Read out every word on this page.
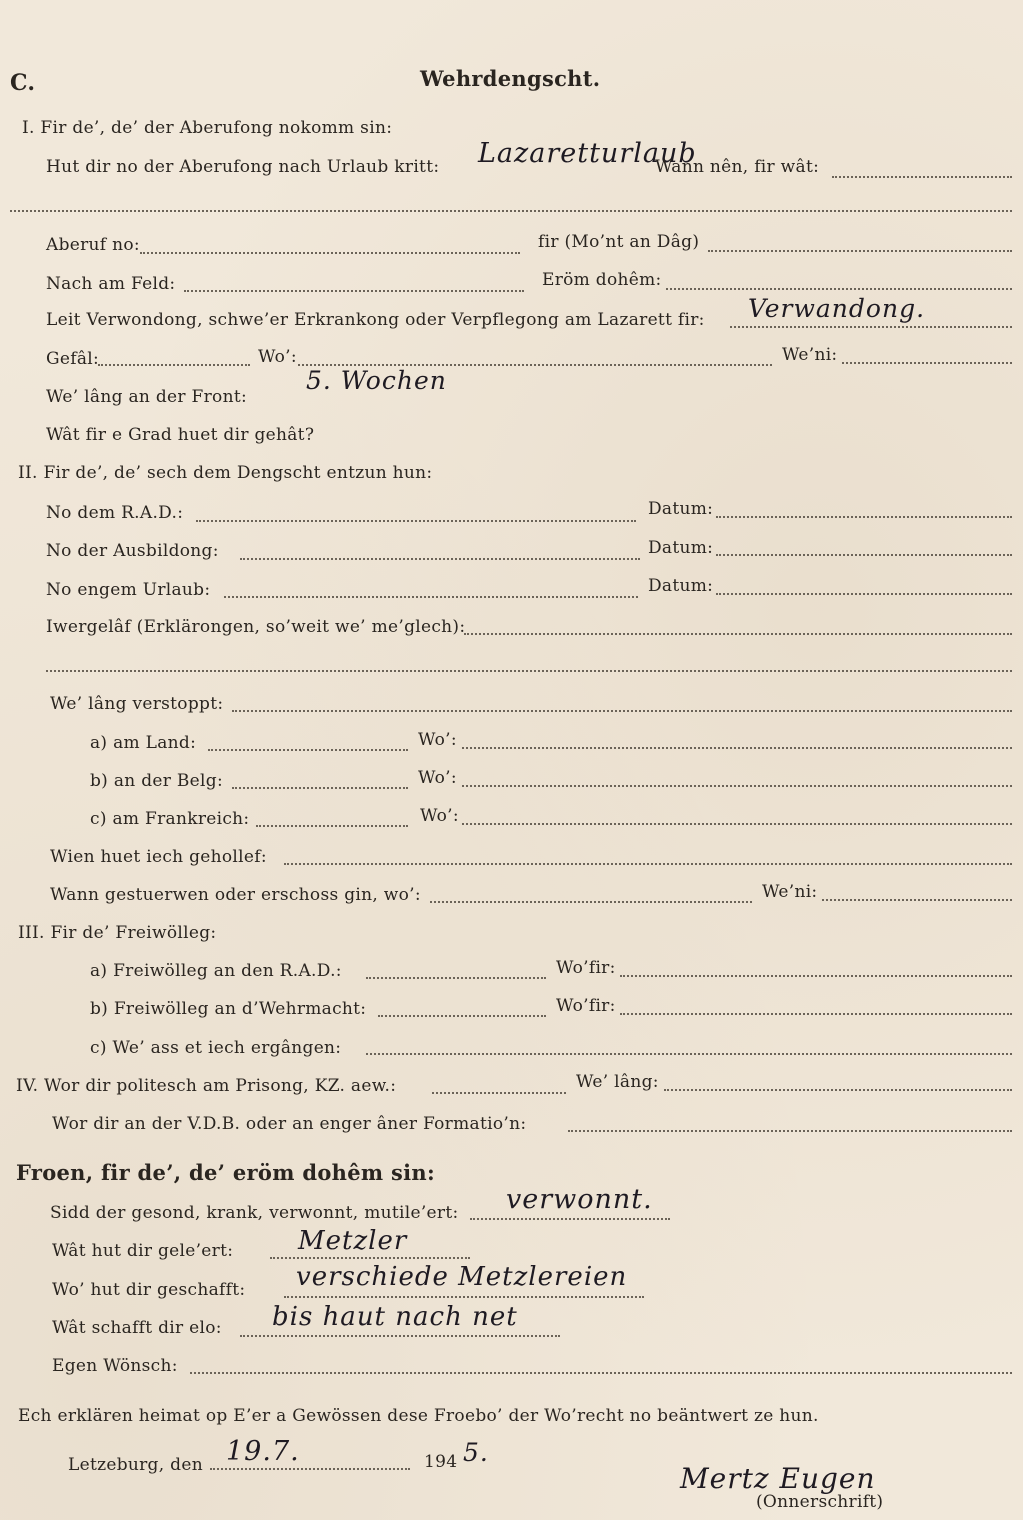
C.	Wehrdengscht.
I. Fir de’, de’ der Aberufong nokomm sin:
Hut dir no der Aberufong nach Urlaub kritt: Lazaretturlaub
Wann nên, fir wât:
Aberuf no:	fir (Mo’nt an Dâg)
Nach am Feld:	Eröm dohêm:
Leit Verwondong, schwe’er Erkrankong oder Verpflegong am Lazarett fir: Verwandong.
Gefâl:	Wo’:	We’ni:
We’ lâng an der Front:
5. Wochen
Wât fir e Grad huet dir gehât?
II. Fir de’, de’ sech dem Dengscht entzun hun:
No dem R.A.D.:	Datum:
No der Ausbildong:	Datum:
No engem Urlaub:	Datum:
Iwergelâf (Erklärongen, so’weit we’ me’glech):
We’ lâng verstoppt:
a) am Land:	Wo’:
b) an der Belg:	Wo’:
c) am Frankreich:	Wo’:
Wien huet iech gehollef:
Wann gestuerwen oder erschoss gin, wo’:	We’ni:
III. Fir de’ Freiwölleg:
a) Freiwölleg an den R.A.D.:	Wo’fir:
b) Freiwölleg an d’Wehrmacht:	Wo’fir:
c) We’ ass et iech ergângen:
IV. Wor dir politesch am Prisong, KZ. aew.:	We’ lâng:
Wor dir an der V.D.B. oder an enger âner Formatio’n:
Froen, fir de’, de’ eröm dohêm sin:
Sidd der gesond, krank, verwonnt, mutile’ert: verwonnt.
Wât hut dir gele’ert: Metzler
Wo’ hut dir geschafft: verschiede Metzlereien
Wât schafft dir elo: bis haut nach net
Egen Wönsch:
Ech erklären heimat op E’er a Gewössen dese Froebo’ der Wo’recht no beäntwert ze hun.
Letzeburg, den 19.7.	194 5.
Mertz Eugen
(Onnerschrift)
